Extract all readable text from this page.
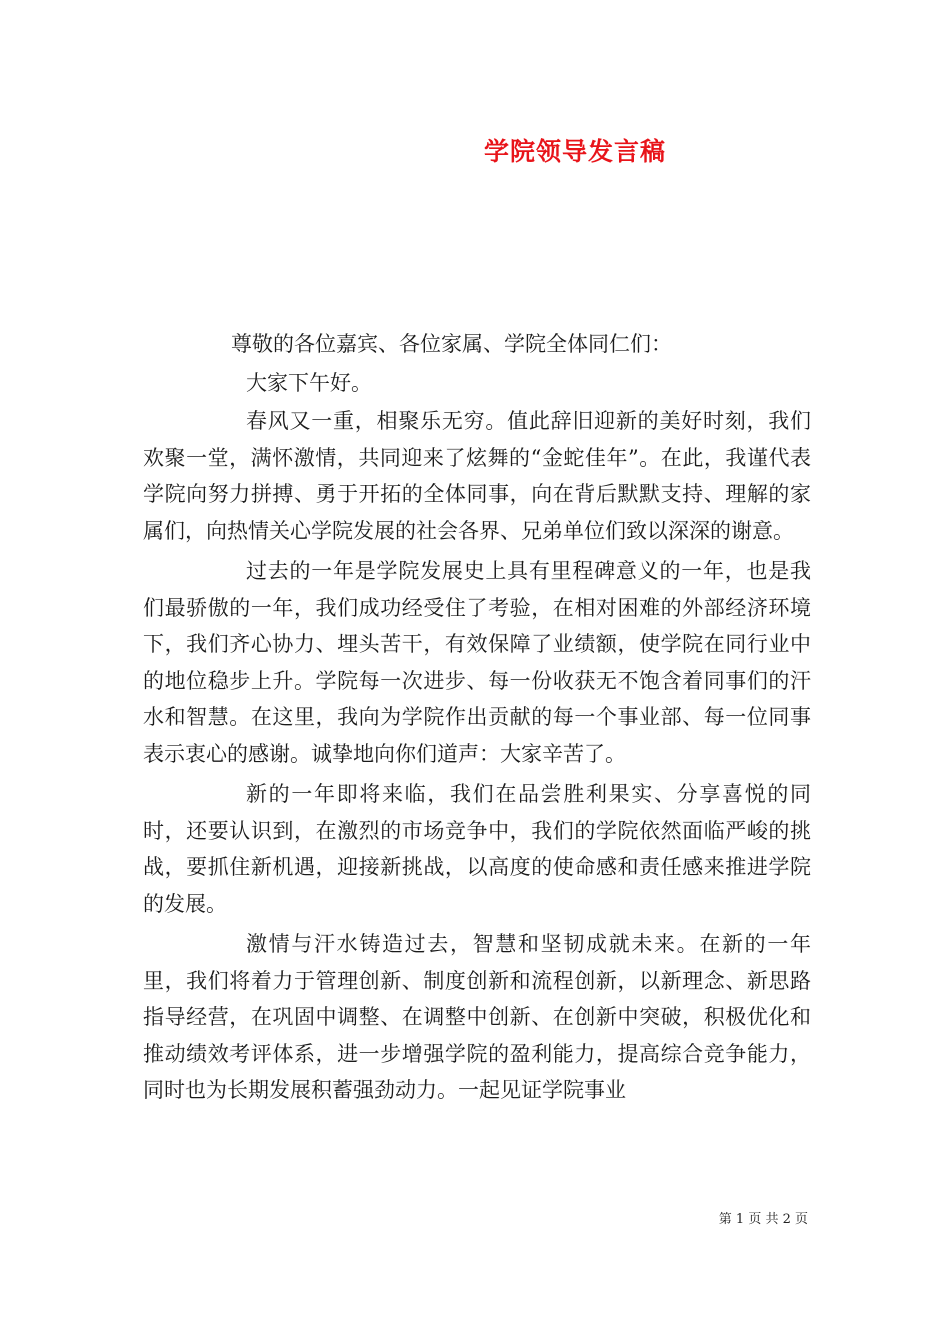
学院领导发言稿

尊敬的各位嘉宾、各位家属、学院全体同仁们：

大家下午好。

春风又一重，相聚乐无穷。值此辞旧迎新的美好时刻，我们欢聚一堂，满怀激情，共同迎来了炫舞的“金蛇佳年”。在此，我谨代表学院向努力拼搏、勇于开拓的全体同事，向在背后默默支持、理解的家属们，向热情关心学院发展的社会各界、兄弟单位们致以深深的谢意。

过去的一年是学院发展史上具有里程碑意义的一年，也是我们最骄傲的一年，我们成功经受住了考验，在相对困难的外部经济环境下，我们齐心协力、埋头苦干，有效保障了业绩额，使学院在同行业中的地位稳步上升。学院每一次进步、每一份收获无不饱含着同事们的汗水和智慧。在这里，我向为学院作出贡献的每一个事业部、每一位同事表示衷心的感谢。诚挚地向你们道声：大家辛苦了。

新的一年即将来临，我们在品尝胜利果实、分享喜悦的同时，还要认识到，在激烈的市场竞争中，我们的学院依然面临严峻的挑战，要抓住新机遇，迎接新挑战，以高度的使命感和责任感来推进学院的发展。

激情与汗水铸造过去，智慧和坚韧成就未来。在新的一年里，我们将着力于管理创新、制度创新和流程创新，以新理念、新思路指导经营，在巩固中调整、在调整中创新、在创新中突破，积极优化和推动绩效考评体系，进一步增强学院的盈利能力，提高综合竞争能力，同时也为长期发展积蓄强劲动力。一起见证学院事业

第 1 页 共 2 页
